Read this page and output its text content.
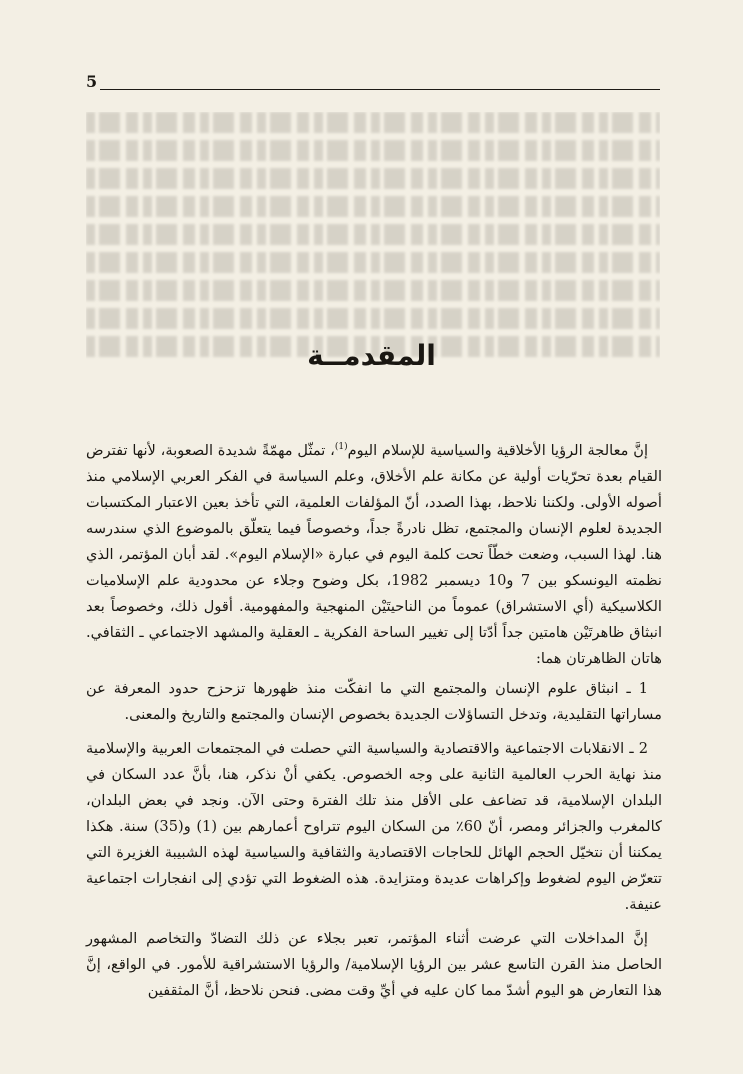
5
المقدمــة

إنَّ معالجة الرؤيا الأخلاقية والسياسية للإسلام اليوم$^{(1)}$، تمثّل مهمّةً شديدة الصعوبة، لأنها تفترض القيام بعدة تحرّيات أولية عن مكانة علم الأخلاق، وعلم السياسة في الفكر العربي الإسلامي منذ أصوله الأولى. ولكننا نلاحظ، بهذا الصدد، أنّ المؤلفات العلمية، التي تأخذ بعين الاعتبار المكتسبات الجديدة لعلوم الإنسان والمجتمع، تظل نادرةً جداً، وخصوصاً فيما يتعلّق بالموضوع الذي سندرسه هنا. لهذا السبب، وضعت خطّاً تحت كلمة اليوم في عبارة «الإسلام اليوم». لقد أبان المؤتمر، الذي نظمته اليونسكو بين 7 و10 ديسمبر 1982، بكل وضوح وجلاء عن محدودية علم الإسلاميات الكلاسيكية (أي الاستشراق) عموماً من الناحيتَيْن المنهجية والمفهومية. أقول ذلك، وخصوصاً بعد انبثاق ظاهرتَيْن هامتين جداً أدّتا إلى تغيير الساحة الفكرية ـ العقلية والمشهد الاجتماعي ـ الثقافي. هاتان الظاهرتان هما:

1 ـ انبثاق علوم الإنسان والمجتمع التي ما انفكّت منذ ظهورها تزحزح حدود المعرفة عن مساراتها التقليدية، وتدخل التساؤلات الجديدة بخصوص الإنسان والمجتمع والتاريخ والمعنى.

2 ـ الانقلابات الاجتماعية والاقتصادية والسياسية التي حصلت في المجتمعات العربية والإسلامية منذ نهاية الحرب العالمية الثانية على وجه الخصوص. يكفي أنْ نذكر، هنا، بأنَّ عدد السكان في البلدان الإسلامية، قد تضاعف على الأقل منذ تلك الفترة وحتى الآن. ونجد في بعض البلدان، كالمغرب والجزائر ومصر، أنّ 60٪ من السكان اليوم تتراوح أعمارهم بين (1) و(35) سنة. هكذا يمكننا أن نتخيّل الحجم الهائل للحاجات الاقتصادية والثقافية والسياسية لهذه الشبيبة الغزيرة التي تتعرّض اليوم لضغوط وإكراهات عديدة ومتزايدة. هذه الضغوط التي تؤدي إلى انفجارات اجتماعية عنيفة.

إنَّ المداخلات التي عرضت أثناء المؤتمر، تعبر بجلاء عن ذلك التضادّ والتخاصم المشهور الحاصل منذ القرن التاسع عشر بين الرؤيا الإسلامية/ والرؤيا الاستشراقية للأمور. في الواقع، إنَّ هذا التعارض هو اليوم أشدّ مما كان عليه في أيِّ وقت مضى. فنحن نلاحظ، أنَّ المثقفين
